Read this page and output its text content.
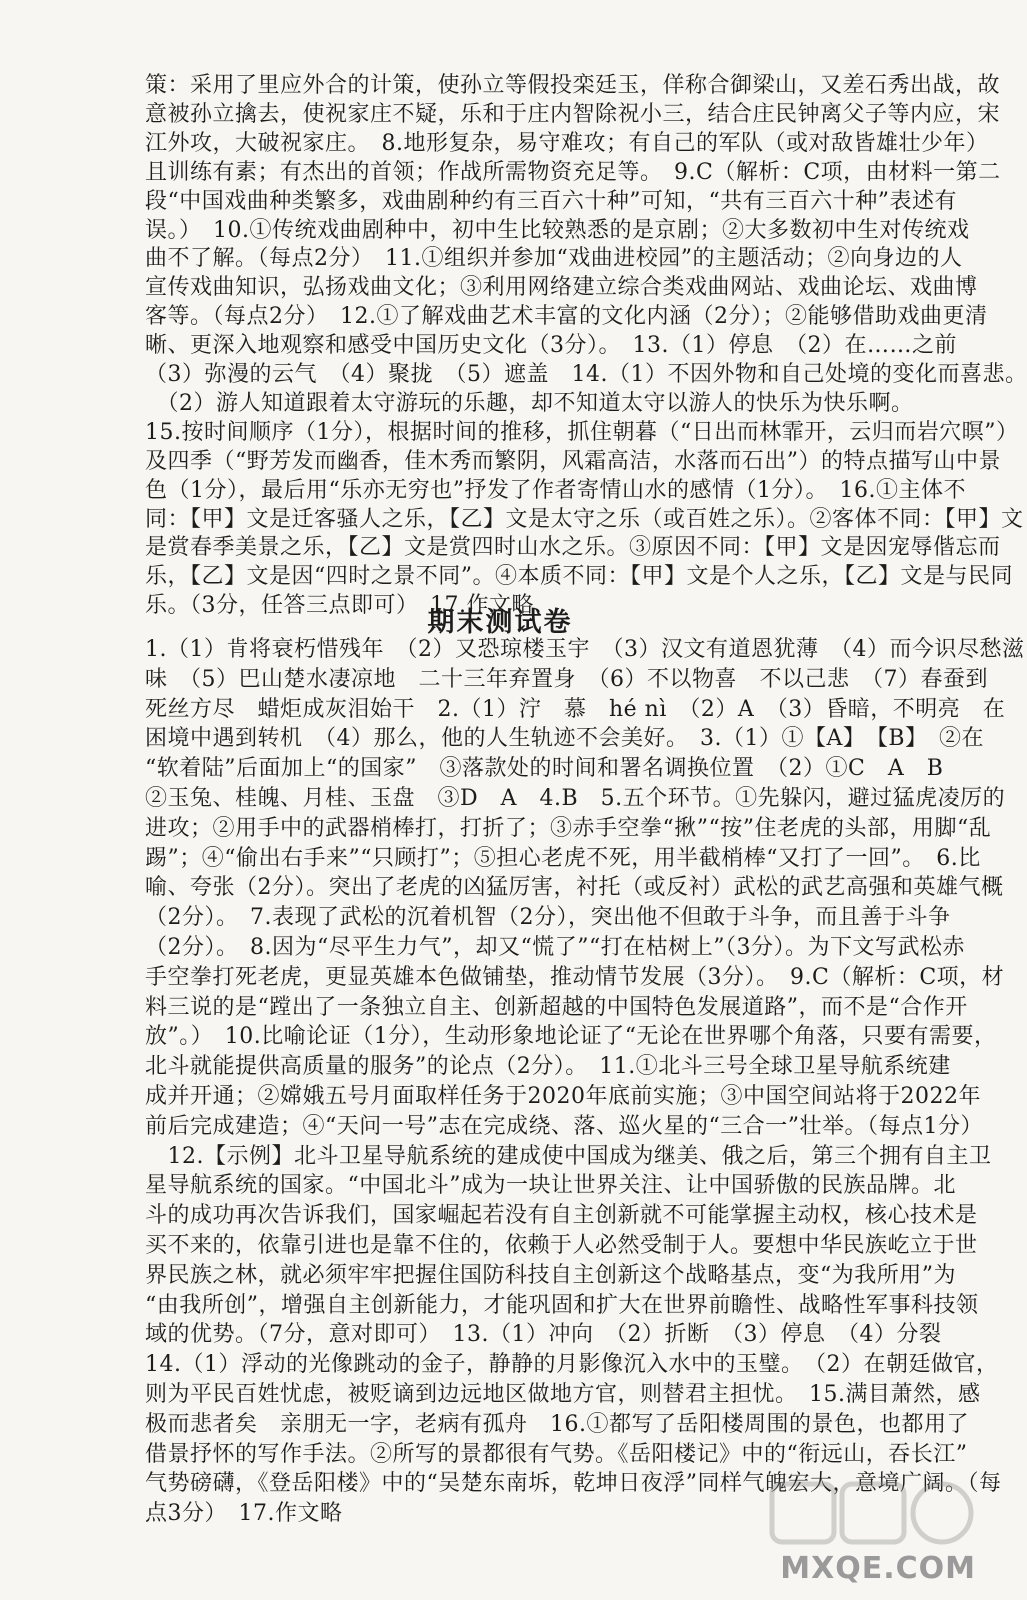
策：采用了里应外合的计策，使孙立等假投栾廷玉，佯称合御梁山，又差石秀出战，故
意被孙立擒去，使祝家庄不疑，乐和于庄内智除祝小三，结合庄民钟离父子等内应，宋
江外攻，大破祝家庄。　8.地形复杂，易守难攻；有自己的军队（或对敌皆雄壮少年）
且训练有素；有杰出的首领；作战所需物资充足等。　9.C（解析：C项，由材料一第二
段“中国戏曲种类繁多，戏曲剧种约有三百六十种”可知，“共有三百六十种”表述有
误。）　10.①传统戏曲剧种中，初中生比较熟悉的是京剧；②大多数初中生对传统戏
曲不了解。（每点2分）　11.①组织并参加“戏曲进校园”的主题活动；②向身边的人
宣传戏曲知识，弘扬戏曲文化；③利用网络建立综合类戏曲网站、戏曲论坛、戏曲博
客等。（每点2分）　12.①了解戏曲艺术丰富的文化内涵（2分）；②能够借助戏曲更清
晰、更深入地观察和感受中国历史文化（3分）。　13.（1）停息　（2）在……之前
（3）弥漫的云气　（4）聚拢　（5）遮盖　14.（1）不因外物和自己处境的变化而喜悲。
　（2）游人知道跟着太守游玩的乐趣，却不知道太守以游人的快乐为快乐啊。
15.按时间顺序（1分），根据时间的推移，抓住朝暮（“日出而林霏开，云归而岩穴暝”）
及四季（“野芳发而幽香，佳木秀而繁阴，风霜高洁，水落而石出”）的特点描写山中景
色（1分），最后用“乐亦无穷也”抒发了作者寄情山水的感情（1分）。　16.①主体不
同：【甲】文是迁客骚人之乐，【乙】文是太守之乐（或百姓之乐）。②客体不同：【甲】文
是赏春季美景之乐，【乙】文是赏四时山水之乐。③原因不同：【甲】文是因宠辱偕忘而
乐，【乙】文是因“四时之景不同”。④本质不同：【甲】文是个人之乐，【乙】文是与民同
乐。（3分，任答三点即可）　17.作文略
期末测试卷
1.（1）肯将衰朽惜残年　（2）又恐琼楼玉宇　（3）汉文有道恩犹薄　（4）而今识尽愁滋
味　（5）巴山楚水凄凉地　二十三年弃置身　（6）不以物喜　不以己悲　（7）春蚕到
死丝方尽　蜡炬成灰泪始干　2.（1）泞　慕　hé nì　（2）A　（3）昏暗，不明亮　在
困境中遇到转机　（4）那么，他的人生轨迹不会美好。　3.（1）①【A】　【B】　②在
“软着陆”后面加上“的国家”　③落款处的时间和署名调换位置　（2）①C　A　B
②玉兔、桂魄、月桂、玉盘　③D　A　4.B　5.五个环节。①先躲闪，避过猛虎凌厉的
进攻；②用手中的武器梢棒打，打折了；③赤手空拳“揪”“按”住老虎的头部，用脚“乱
踢”；④“偷出右手来”“只顾打”；⑤担心老虎不死，用半截梢棒“又打了一回”。　6.比
喻、夸张（2分）。突出了老虎的凶猛厉害，衬托（或反衬）武松的武艺高强和英雄气概
（2分）。　7.表现了武松的沉着机智（2分），突出他不但敢于斗争，而且善于斗争
（2分）。　8.因为“尽平生力气”，却又“慌了”“打在枯树上”（3分）。为下文写武松赤
手空拳打死老虎，更显英雄本色做铺垫，推动情节发展（3分）。　9.C（解析：C项，材
料三说的是“蹚出了一条独立自主、创新超越的中国特色发展道路”，而不是“合作开
放”。）　10.比喻论证（1分），生动形象地论证了“无论在世界哪个角落，只要有需要，
北斗就能提供高质量的服务”的论点（2分）。　11.①北斗三号全球卫星导航系统建
成并开通；②嫦娥五号月面取样任务于2020年底前实施；③中国空间站将于2022年
前后完成建造；④“天问一号”志在完成绕、落、巡火星的“三合一”壮举。（每点1分）
　12.【示例】北斗卫星导航系统的建成使中国成为继美、俄之后，第三个拥有自主卫
星导航系统的国家。“中国北斗”成为一块让世界关注、让中国骄傲的民族品牌。北
斗的成功再次告诉我们，国家崛起若没有自主创新就不可能掌握主动权，核心技术是
买不来的，依靠引进也是靠不住的，依赖于人必然受制于人。要想中华民族屹立于世
界民族之林，就必须牢牢把握住国防科技自主创新这个战略基点，变“为我所用”为
“由我所创”，增强自主创新能力，才能巩固和扩大在世界前瞻性、战略性军事科技领
域的优势。（7分，意对即可）　13.（1）冲向　（2）折断　（3）停息　（4）分裂
14.（1）浮动的光像跳动的金子，静静的月影像沉入水中的玉璧。　（2）在朝廷做官，
则为平民百姓忧虑，被贬谪到边远地区做地方官，则替君主担忧。　15.满目萧然，感
极而悲者矣　亲朋无一字，老病有孤舟　16.①都写了岳阳楼周围的景色，也都用了
借景抒怀的写作手法。②所写的景都很有气势。《岳阳楼记》中的“衔远山，吞长江”
气势磅礴，《登岳阳楼》中的“吴楚东南坼，乾坤日夜浮”同样气魄宏大，意境广阔。（每
点3分）　17.作文略
MXQE.COM
